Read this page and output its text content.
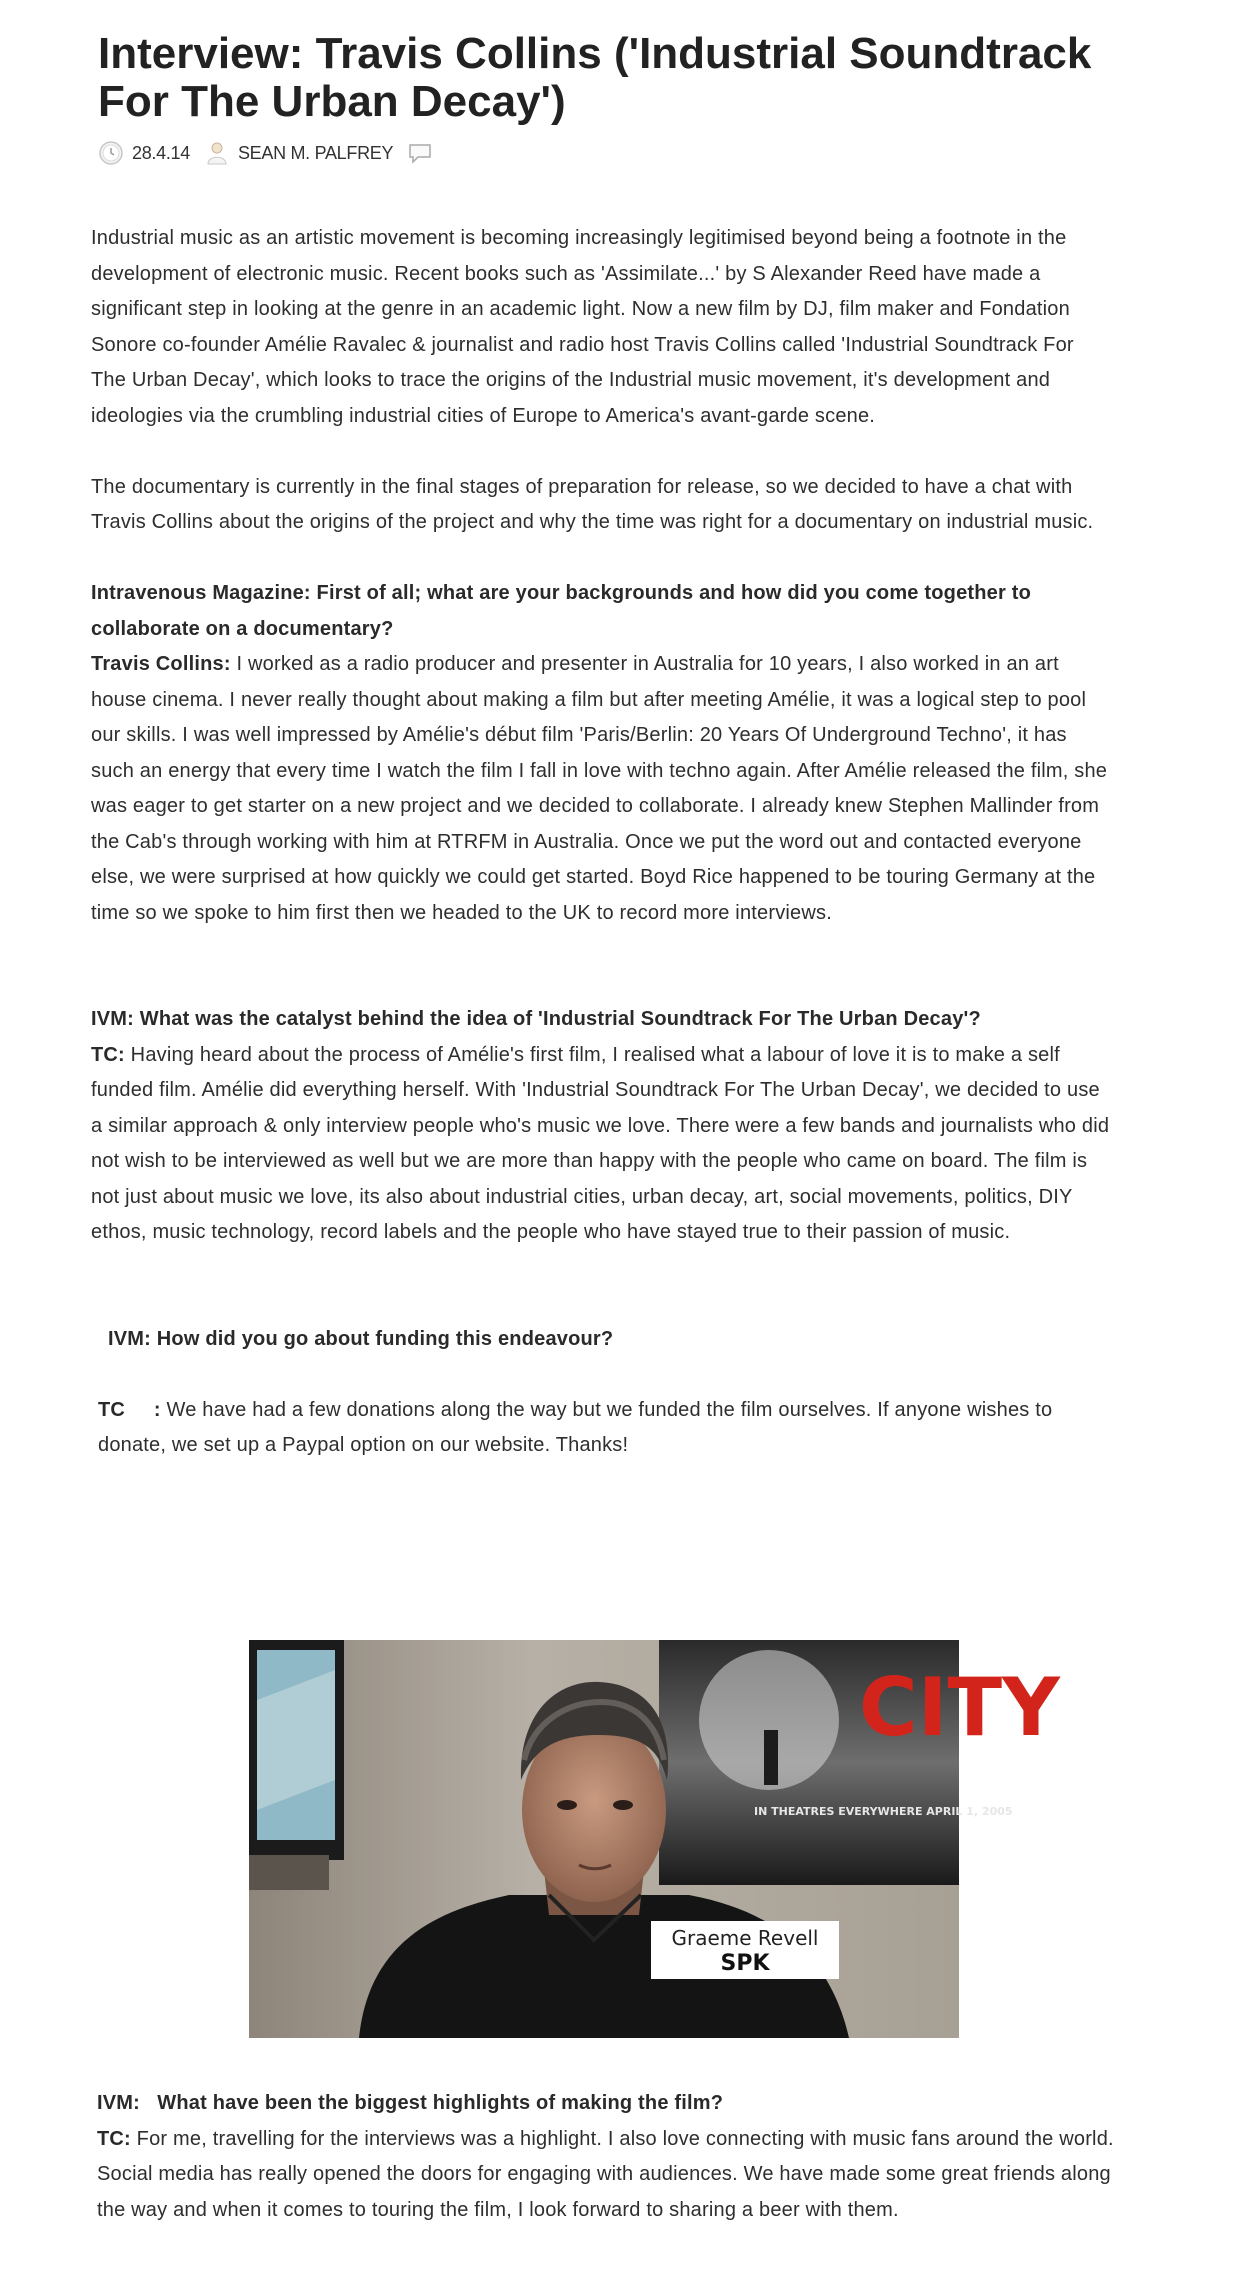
Interview: Travis Collins ('Industrial Soundtrack For The Urban Decay')
28.4.14	SEAN M. PALFREY

Industrial music as an artistic movement is becoming increasingly legitimised beyond being a footnote in the development of electronic music. Recent books such as 'Assimilate...' by S Alexander Reed have made a significant step in looking at the genre in an academic light. Now a new film by DJ, film maker and Fondation Sonore co-founder Amélie Ravalec & journalist and radio host Travis Collins called 'Industrial Soundtrack For The Urban Decay', which looks to trace the origins of the Industrial music movement, it's development and ideologies via the crumbling industrial cities of Europe to America's avant-garde scene.

The documentary is currently in the final stages of preparation for release, so we decided to have a chat with Travis Collins about the origins of the project and why the time was right for a documentary on industrial music.

Intravenous Magazine: First of all; what are your backgrounds and how did you come together to collaborate on a documentary?

Travis Collins: I worked as a radio producer and presenter in Australia for 10 years, I also worked in an art house cinema. I never really thought about making a film but after meeting Amélie, it was a logical step to pool our skills. I was well impressed by Amélie's début film 'Paris/Berlin: 20 Years Of Underground Techno', it has such an energy that every time I watch the film I fall in love with techno again. After Amélie released the film, she was eager to get starter on a new project and we decided to collaborate. I already knew Stephen Mallinder from the Cab's through working with him at RTRFM in Australia. Once we put the word out and contacted everyone else, we were surprised at how quickly we could get started. Boyd Rice happened to be touring Germany at the time so we spoke to him first then we headed to the UK to record more interviews.

IVM: What was the catalyst behind the idea of 'Industrial Soundtrack For The Urban Decay'?

TC: Having heard about the process of Amélie's first film, I realised what a labour of love it is to make a self funded film. Amélie did everything herself. With 'Industrial Soundtrack For The Urban Decay', we decided to use a similar approach & only interview people who's music we love. There were a few bands and journalists who did not wish to be interviewed as well but we are more than happy with the people who came on board. The film is not just about music we love, its also about industrial cities, urban decay, art, social movements, politics, DIY ethos, music technology, record labels and the people who have stayed true to their passion of music.

IVM: How did you go about funding this endeavour?

TC     : We have had a few donations along the way but we funded the film ourselves. If anyone wishes to donate, we set up a Paypal option on our website. Thanks!

CITY
IN THEATRES EVERYWHERE APRIL 1, 2005
Graeme Revell
SPK

IVM:   What have been the biggest highlights of making the film?

TC: For me, travelling for the interviews was a highlight. I also love connecting with music fans around the world. Social media has really opened the doors for engaging with audiences. We have made some great friends along the way and when it comes to touring the film, I look forward to sharing a beer with them.
